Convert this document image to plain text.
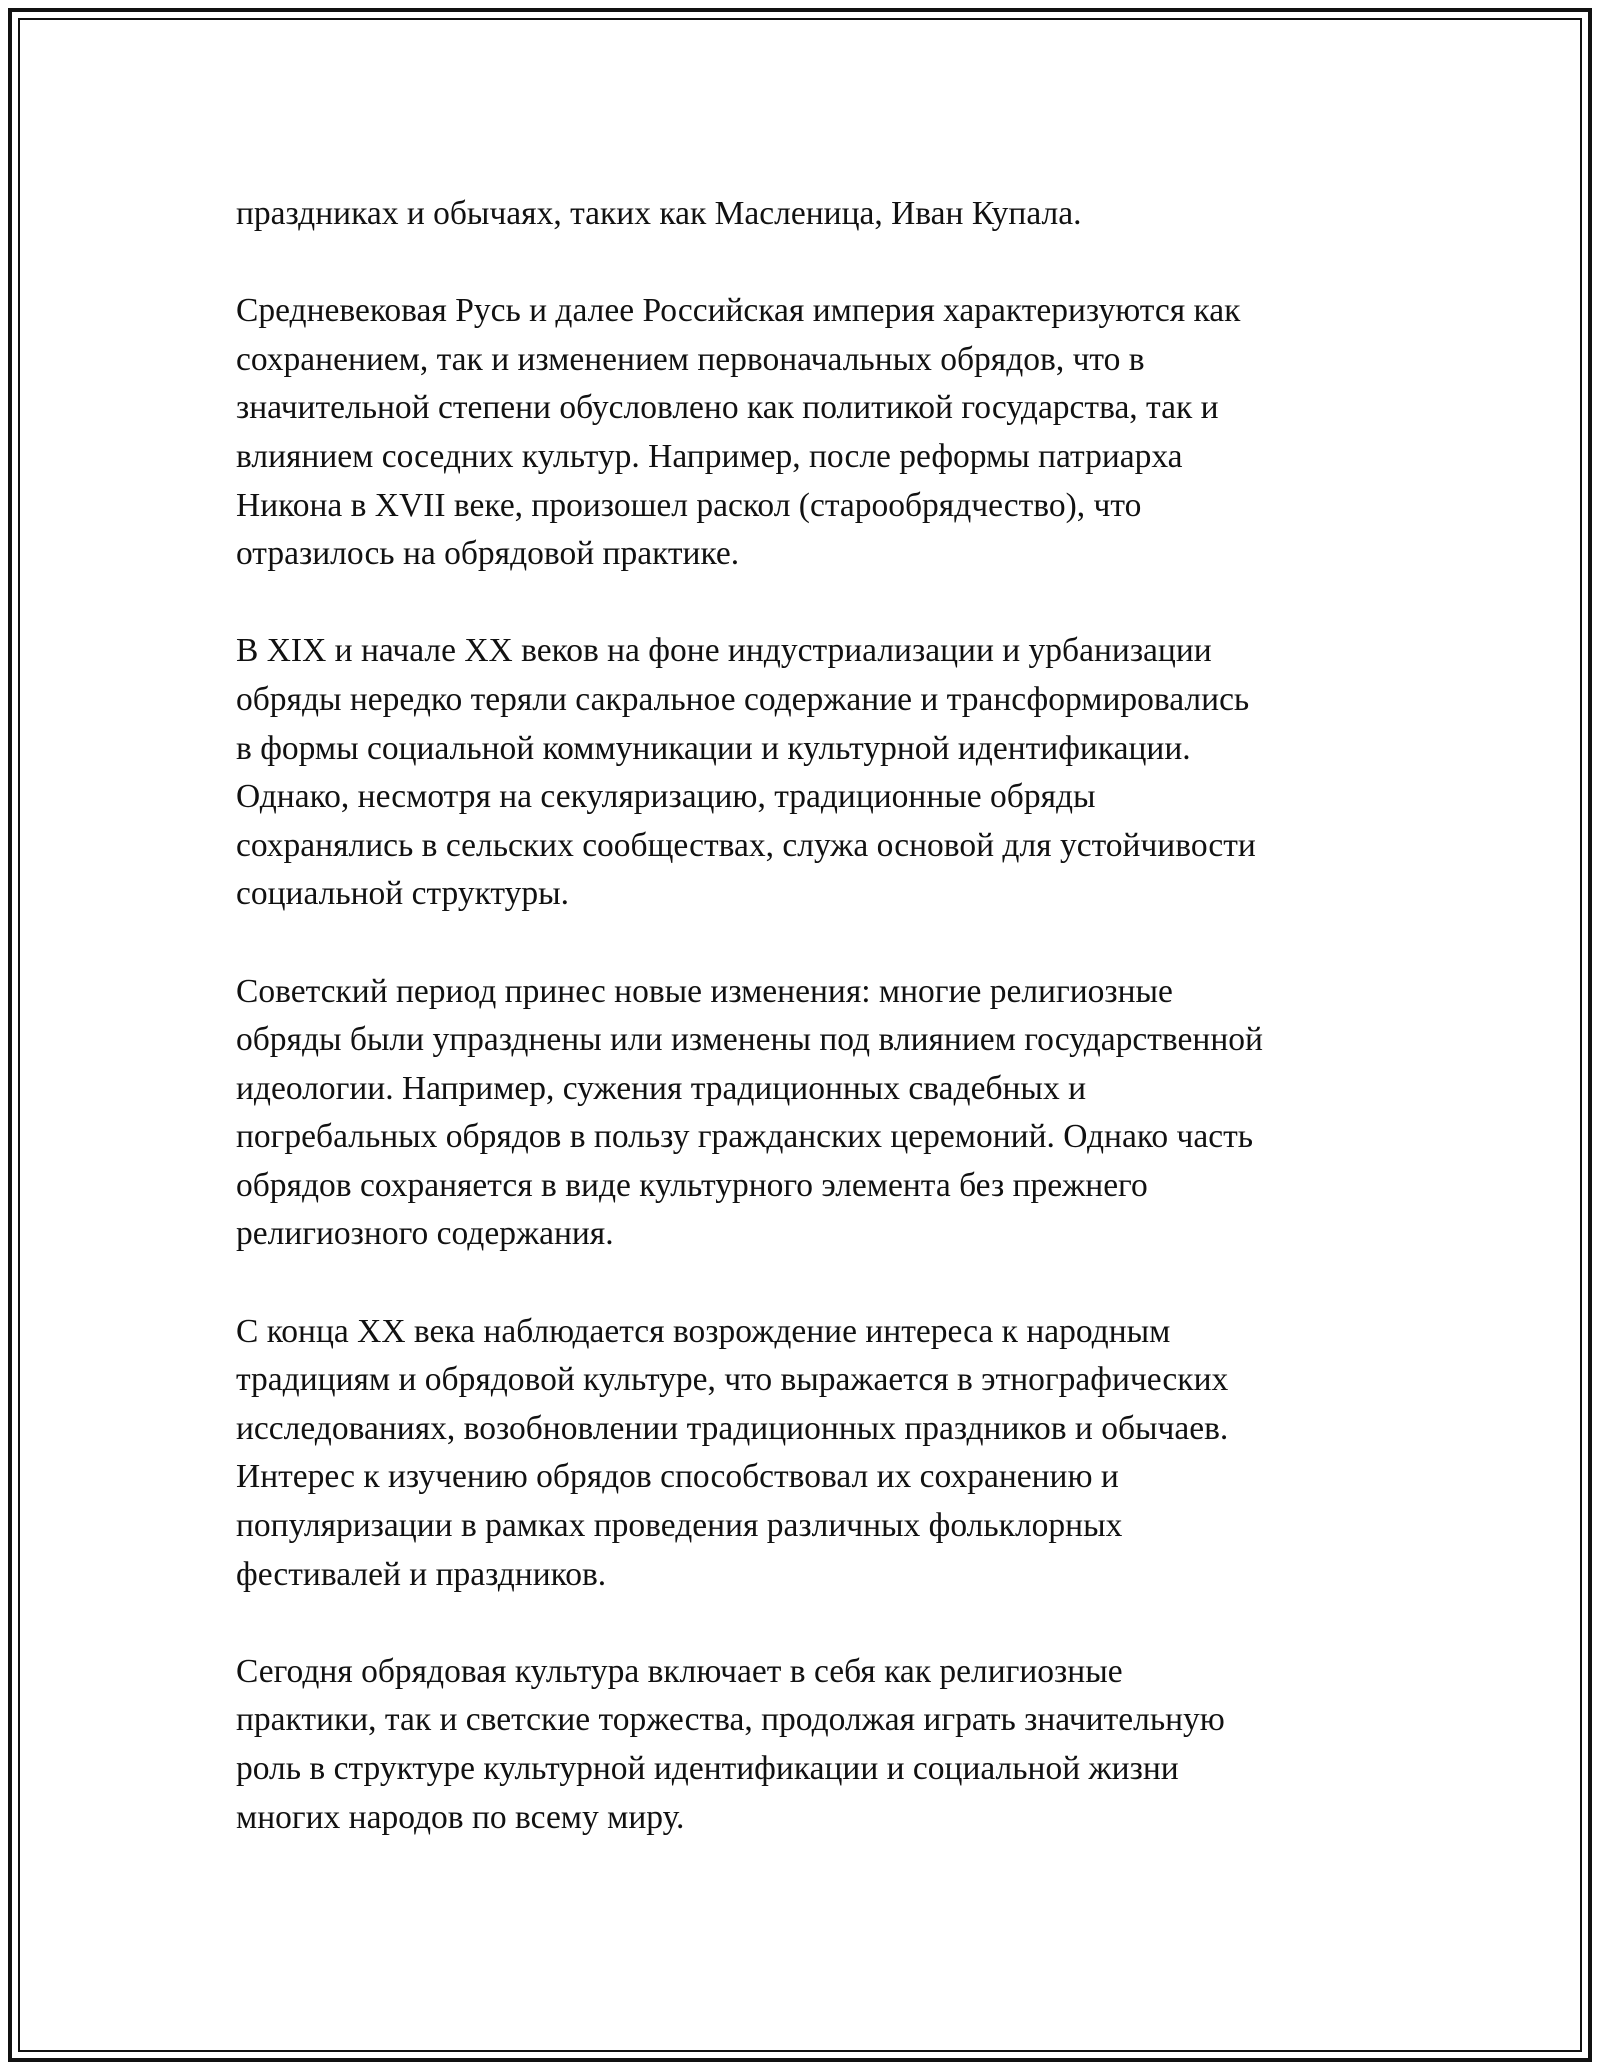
праздниках и обычаях, таких как Масленица, Иван Купала.

Средневековая Русь и далее Российская империя характеризуются как
сохранением, так и изменением первоначальных обрядов, что в
значительной степени обусловлено как политикой государства, так и
влиянием соседних культур. Например, после реформы патриарха
Никона в XVII веке, произошел раскол (старообрядчество), что
отразилось на обрядовой практике.

В XIX и начале XX веков на фоне индустриализации и урбанизации
обряды нередко теряли сакральное содержание и трансформировались
в формы социальной коммуникации и культурной идентификации.
Однако, несмотря на секуляризацию, традиционные обряды
сохранялись в сельских сообществах, служа основой для устойчивости
социальной структуры.

Советский период принес новые изменения: многие религиозные
обряды были упразднены или изменены под влиянием государственной
идеологии. Например, сужения традиционных свадебных и
погребальных обрядов в пользу гражданских церемоний. Однако часть
обрядов сохраняется в виде культурного элемента без прежнего
религиозного содержания.

С конца XX века наблюдается возрождение интереса к народным
традициям и обрядовой культуре, что выражается в этнографических
исследованиях, возобновлении традиционных праздников и обычаев.
Интерес к изучению обрядов способствовал их сохранению и
популяризации в рамках проведения различных фольклорных
фестивалей и праздников.

Сегодня обрядовая культура включает в себя как религиозные
практики, так и светские торжества, продолжая играть значительную
роль в структуре культурной идентификации и социальной жизни
многих народов по всему миру.
